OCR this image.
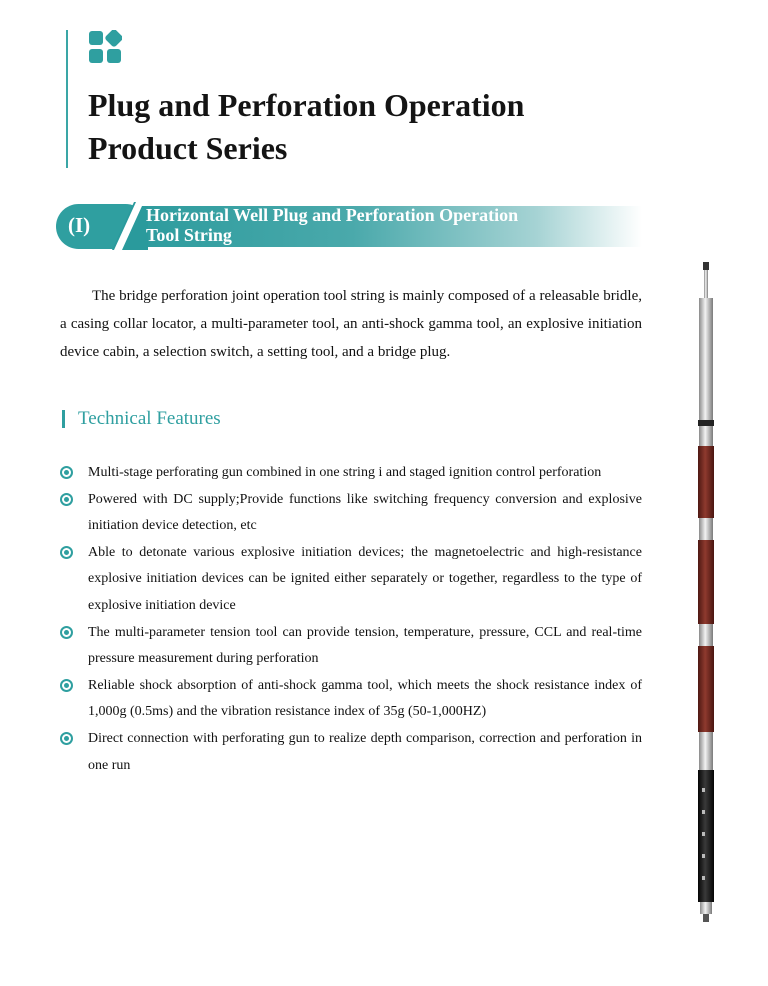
Plug and Perforation Operation
Product Series
(I)	Horizontal Well Plug and Perforation Operation
Tool String

The bridge perforation joint operation tool string is mainly composed of a releasable bridle, a casing collar locator, a multi-parameter tool, an anti-shock gamma tool, an explosive initiation device cabin, a selection switch, a setting tool, and a bridge plug.

Technical Features
Multi-stage perforating gun combined in one string i and staged ignition control perforation
Powered with DC supply;Provide functions like switching frequency conversion and explosive initiation device detection, etc
Able to detonate various explosive initiation devices; the magnetoelectric and high-resistance explosive initiation devices can be ignited either separately or together, regardless to the type of explosive initiation device
The multi-parameter tension tool can provide tension, temperature, pressure, CCL and real-time pressure measurement during perforation
Reliable shock absorption of anti-shock gamma tool, which meets the shock resistance index of 1,000g (0.5ms) and the vibration resistance index of 35g (50-1,000HZ)
Direct connection with perforating gun to realize depth comparison, correction and perforation in one run
